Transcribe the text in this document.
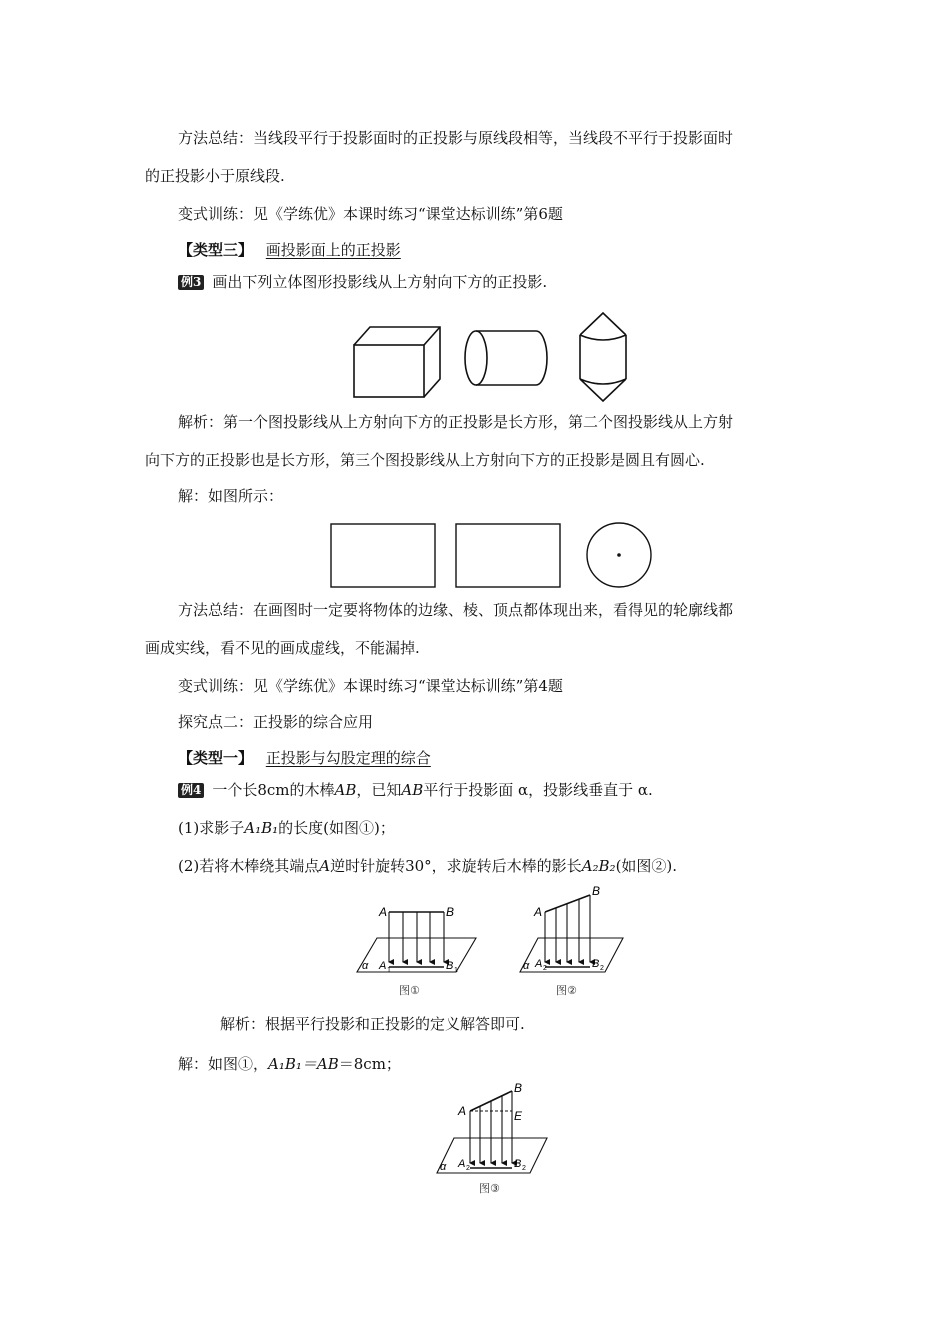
方法总结：当线段平行于投影面时的正投影与原线段相等，当线段不平行于投影面时
的正投影小于原线段.
变式训练：见《学练优》本课时练习“课堂达标训练”第6题
【类型三】 画投影面上的正投影
例3 画出下列立体图形投影线从上方射向下方的正投影.
解析：第一个图投影线从上方射向下方的正投影是长方形，第二个图投影线从上方射
向下方的正投影也是长方形，第三个图投影线从上方射向下方的正投影是圆且有圆心.
解：如图所示：
方法总结：在画图时一定要将物体的边缘、棱、顶点都体现出来，看得见的轮廓线都
画成实线，看不见的画成虚线，不能漏掉.
变式训练：见《学练优》本课时练习“课堂达标训练”第4题
探究点二：正投影的综合应用
【类型一】 正投影与勾股定理的综合
例4 一个长8cm的木棒AB，已知AB平行于投影面 α，投影线垂直于 α.
(1)求影子A₁B₁的长度(如图①)；
(2)若将木棒绕其端点A逆时针旋转30°，求旋转后木棒的影长A₂B₂(如图②).
A	B
α A 1	B 1
图①
A
B
α A 2	B 2
图②
解析：根据平行投影和正投影的定义解答即可.
解：如图①，A₁B₁＝AB＝8cm；
A
B
E
α A 2	B 2
图③
